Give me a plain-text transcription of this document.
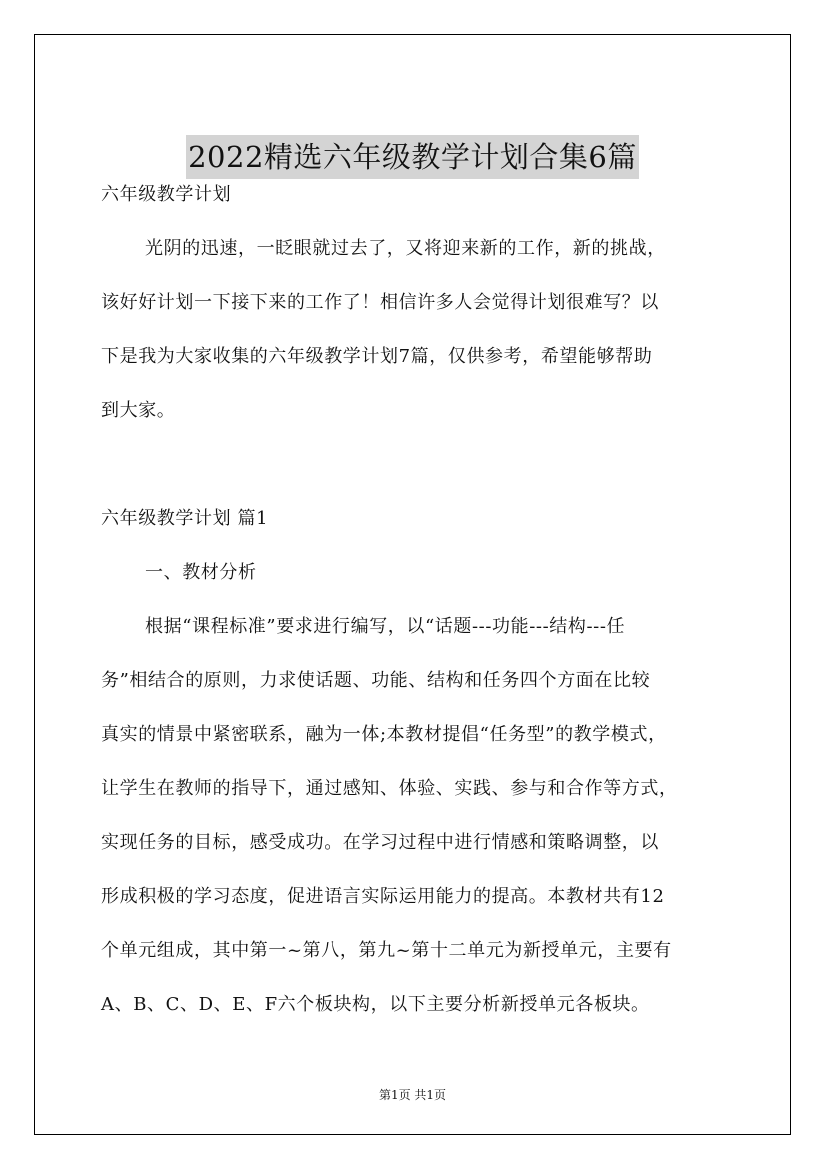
2022精选六年级教学计划合集6篇
六年级教学计划
光阴的迅速，一眨眼就过去了，又将迎来新的工作，新的挑战，
该好好计划一下接下来的工作了！相信许多人会觉得计划很难写？以
下是我为大家收集的六年级教学计划7篇，仅供参考，希望能够帮助
到大家。
六年级教学计划 篇1
一、教材分析
根据“课程标准”要求进行编写，以“话题---功能---结构---任
务”相结合的原则，力求使话题、功能、结构和任务四个方面在比较
真实的情景中紧密联系，融为一体;本教材提倡“任务型”的教学模式，
让学生在教师的指导下，通过感知、体验、实践、参与和合作等方式，
实现任务的目标，感受成功。在学习过程中进行情感和策略调整，以
形成积极的学习态度，促进语言实际运用能力的提高。本教材共有12
个单元组成，其中第一~第八，第九~第十二单元为新授单元，主要有
A、B、C、D、E、F六个板块构，以下主要分析新授单元各板块。
第1页 共1页
